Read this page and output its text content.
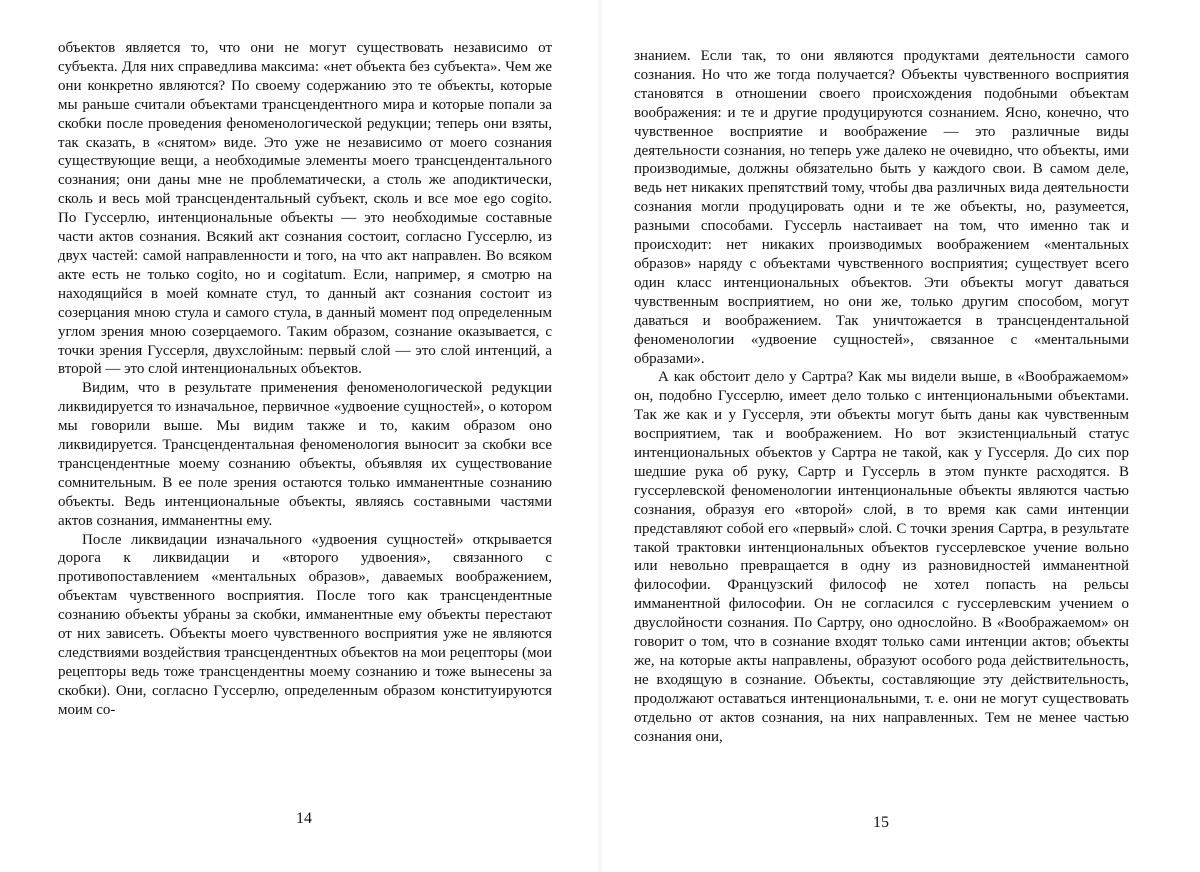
объектов является то, что они не могут существовать независимо от субъекта. Для них справедлива максима: «нет объекта без субъекта». Чем же они конкретно являются? По своему содержанию это те объекты, которые мы раньше считали объектами трансцендентного мира и которые попали за скобки после проведения феноменологической редукции; теперь они взяты, так сказать, в «снятом» виде. Это уже не независимо от моего сознания существующие вещи, а необходимые элементы моего трансцендентального сознания; они даны мне не проблематически, а столь же аподиктически, сколь и весь мой трансцендентальный субъект, сколь и все мое ego cogito. По Гуссерлю, интенциональные объекты — это необходимые составные части актов сознания. Всякий акт сознания состоит, согласно Гуссерлю, из двух частей: самой направленности и того, на что акт направлен. Во всяком акте есть не только cogito, но и cogitatum. Если, например, я смотрю на находящийся в моей комнате стул, то данный акт сознания состоит из созерцания мною стула и самого стула, в данный момент под определенным углом зрения мною созерцаемого. Таким образом, сознание оказывается, с точки зрения Гуссерля, двухслойным: первый слой — это слой интенций, а второй — это слой интенциональных объектов.

Видим, что в результате применения феноменологической редукции ликвидируется то изначальное, первичное «удвоение сущностей», о котором мы говорили выше. Мы видим также и то, каким образом оно ликвидируется. Трансцендентальная феноменология выносит за скобки все трансцендентные моему сознанию объекты, объявляя их существование сомнительным. В ее поле зрения остаются только имманентные сознанию объекты. Ведь интенциональные объекты, являясь составными частями актов сознания, имманентны ему.

После ликвидации изначального «удвоения сущностей» открывается дорога к ликвидации и «второго удвоения», связанного с противопоставлением «ментальных образов», даваемых воображением, объектам чувственного восприятия. После того как трансцендентные сознанию объекты убраны за скобки, имманентные ему объекты перестают от них зависеть. Объекты моего чувственного восприятия уже не являются следствиями воздействия трансцендентных объектов на мои рецепторы (мои рецепторы ведь тоже трансцендентны моему сознанию и тоже вынесены за скобки). Они, согласно Гуссерлю, определенным образом конституируются моим со-

14

знанием. Если так, то они являются продуктами деятельности самого сознания. Но что же тогда получается? Объекты чувственного восприятия становятся в отношении своего происхождения подобными объектам воображения: и те и другие продуцируются сознанием. Ясно, конечно, что чувственное восприятие и воображение — это различные виды деятельности сознания, но теперь уже далеко не очевидно, что объекты, ими производимые, должны обязательно быть у каждого свои. В самом деле, ведь нет никаких препятствий тому, чтобы два различных вида деятельности сознания могли продуцировать одни и те же объекты, но, разумеется, разными способами. Гуссерль настаивает на том, что именно так и происходит: нет никаких производимых воображением «ментальных образов» наряду с объектами чувственного восприятия; существует всего один класс интенциональных объектов. Эти объекты могут даваться чувственным восприятием, но они же, только другим способом, могут даваться и воображением. Так уничтожается в трансцендентальной феноменологии «удвоение сущностей», связанное с «ментальными образами».

А как обстоит дело у Сартра? Как мы видели выше, в «Воображаемом» он, подобно Гуссерлю, имеет дело только с интенциональными объектами. Так же как и у Гуссерля, эти объекты могут быть даны как чувственным восприятием, так и воображением. Но вот экзистенциальный статус интенциональных объектов у Сартра не такой, как у Гуссерля. До сих пор шедшие рука об руку, Сартр и Гуссерль в этом пункте расходятся. В гуссерлевской феноменологии интенциональные объекты являются частью сознания, образуя его «второй» слой, в то время как сами интенции представляют собой его «первый» слой. С точки зрения Сартра, в результате такой трактовки интенциональных объектов гуссерлевское учение вольно или невольно превращается в одну из разновидностей имманентной философии. Французский философ не хотел попасть на рельсы имманентной философии. Он не согласился с гуссерлевским учением о двуслойности сознания. По Сартру, оно однослойно. В «Воображаемом» он говорит о том, что в сознание входят только сами интенции актов; объекты же, на которые акты направлены, образуют особого рода действительность, не входящую в сознание. Объекты, составляющие эту действительность, продолжают оставаться интенциональными, т. е. они не могут существовать отдельно от актов сознания, на них направленных. Тем не менее частью сознания они,

15
